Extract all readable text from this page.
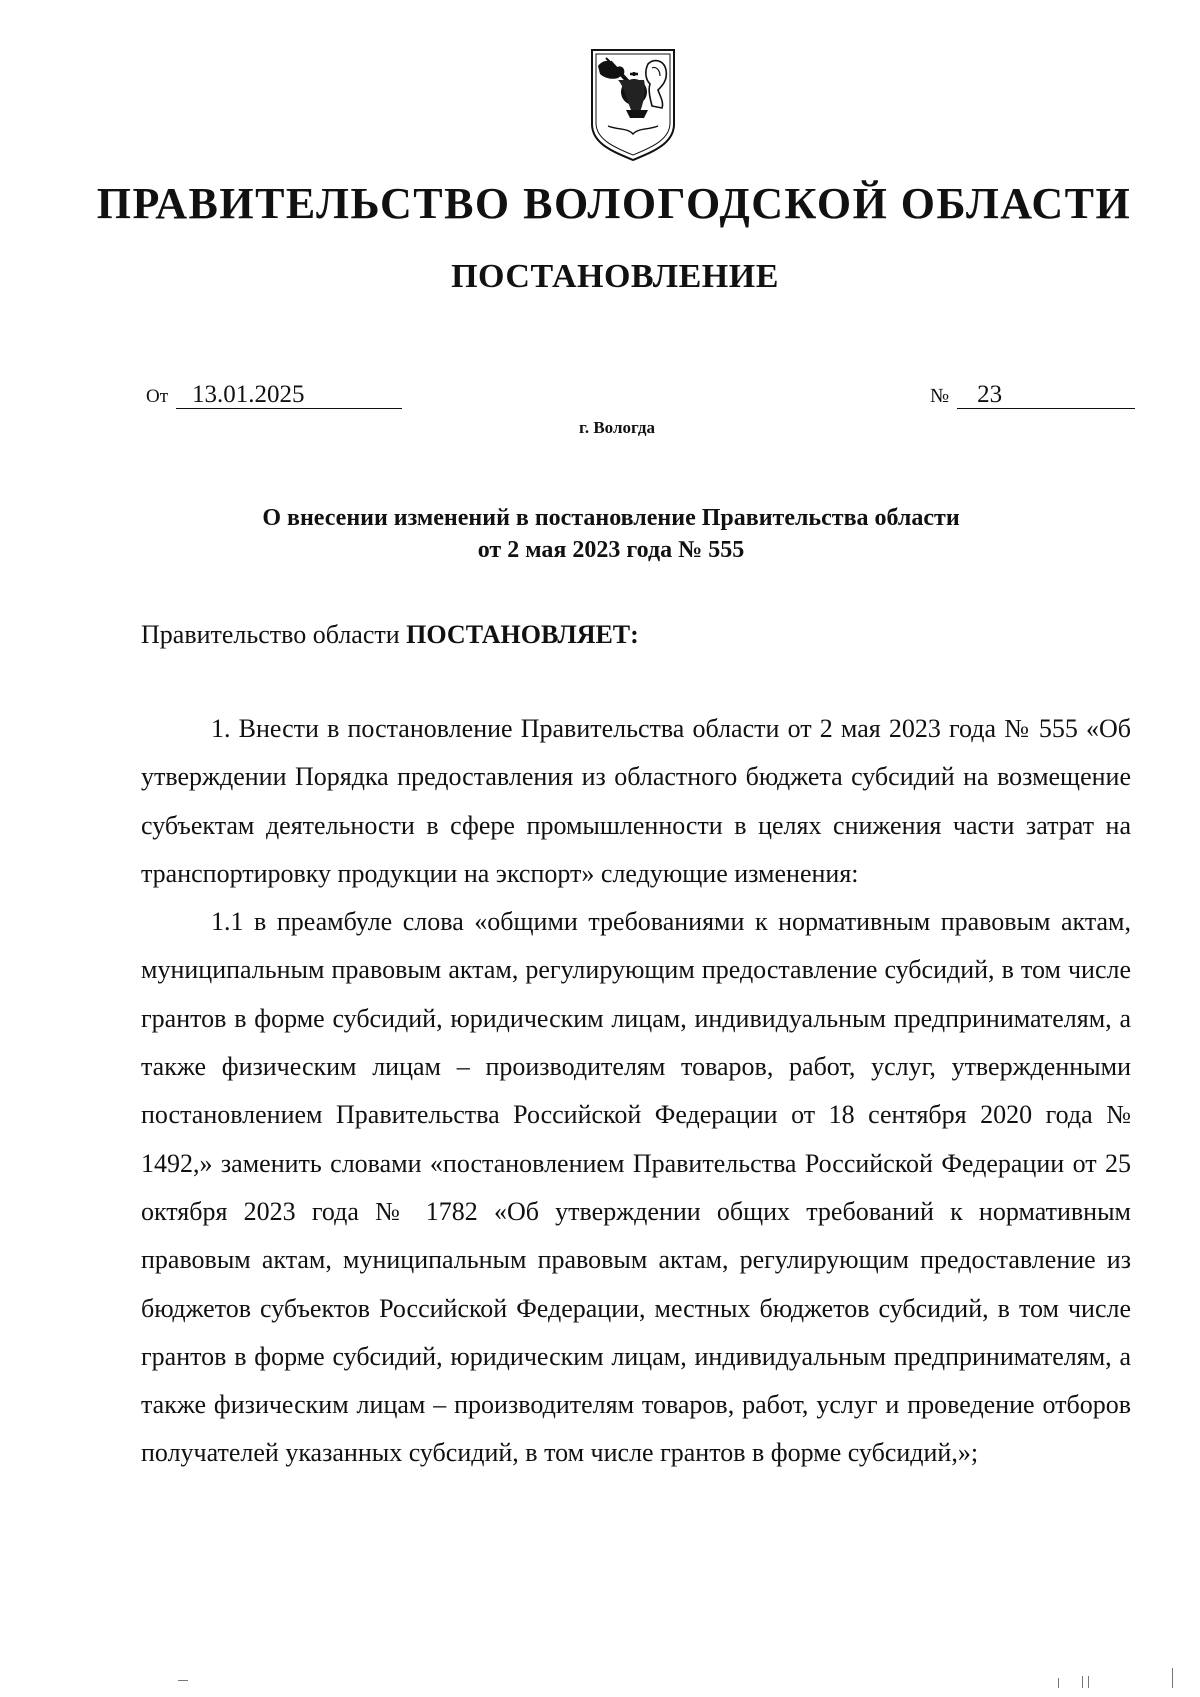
ПРАВИТЕЛЬСТВО ВОЛОГОДСКОЙ ОБЛАСТИ
ПОСТАНОВЛЕНИЕ
От 13.01.2025	№ 23
г. Вологда
О внесении изменений в постановление Правительства области
от 2 мая 2023 года № 555
Правительство области ПОСТАНОВЛЯЕТ:

1. Внести в постановление Правительства области от 2 мая 2023 года № 555 «Об утверждении Порядка предоставления из областного бюджета субсидий на возмещение субъектам деятельности в сфере промышленности в целях снижения части затрат на транспортировку продукции на экспорт» следующие изменения:

1.1 в преамбуле слова «общими требованиями к нормативным правовым актам, муниципальным правовым актам, регулирующим предоставление субсидий, в том числе грантов в форме субсидий, юридическим лицам, индивидуальным предпринимателям, а также физическим лицам – производителям товаров, работ, услуг, утвержденными постановлением Правительства Российской Федерации от 18 сентября 2020 года № 1492,» заменить словами «постановлением Правительства Российской Федерации от 25 октября 2023 года № 1782 «Об утверждении общих требований к нормативным правовым актам, муниципальным правовым актам, регулирующим предоставление из бюджетов субъектов Российской Федерации, местных бюджетов субсидий, в том числе грантов в форме субсидий, юридическим лицам, индивидуальным предпринимателям, а также физическим лицам – производителям товаров, работ, услуг и проведение отборов получателей указанных субсидий, в том числе грантов в форме субсидий,»;
